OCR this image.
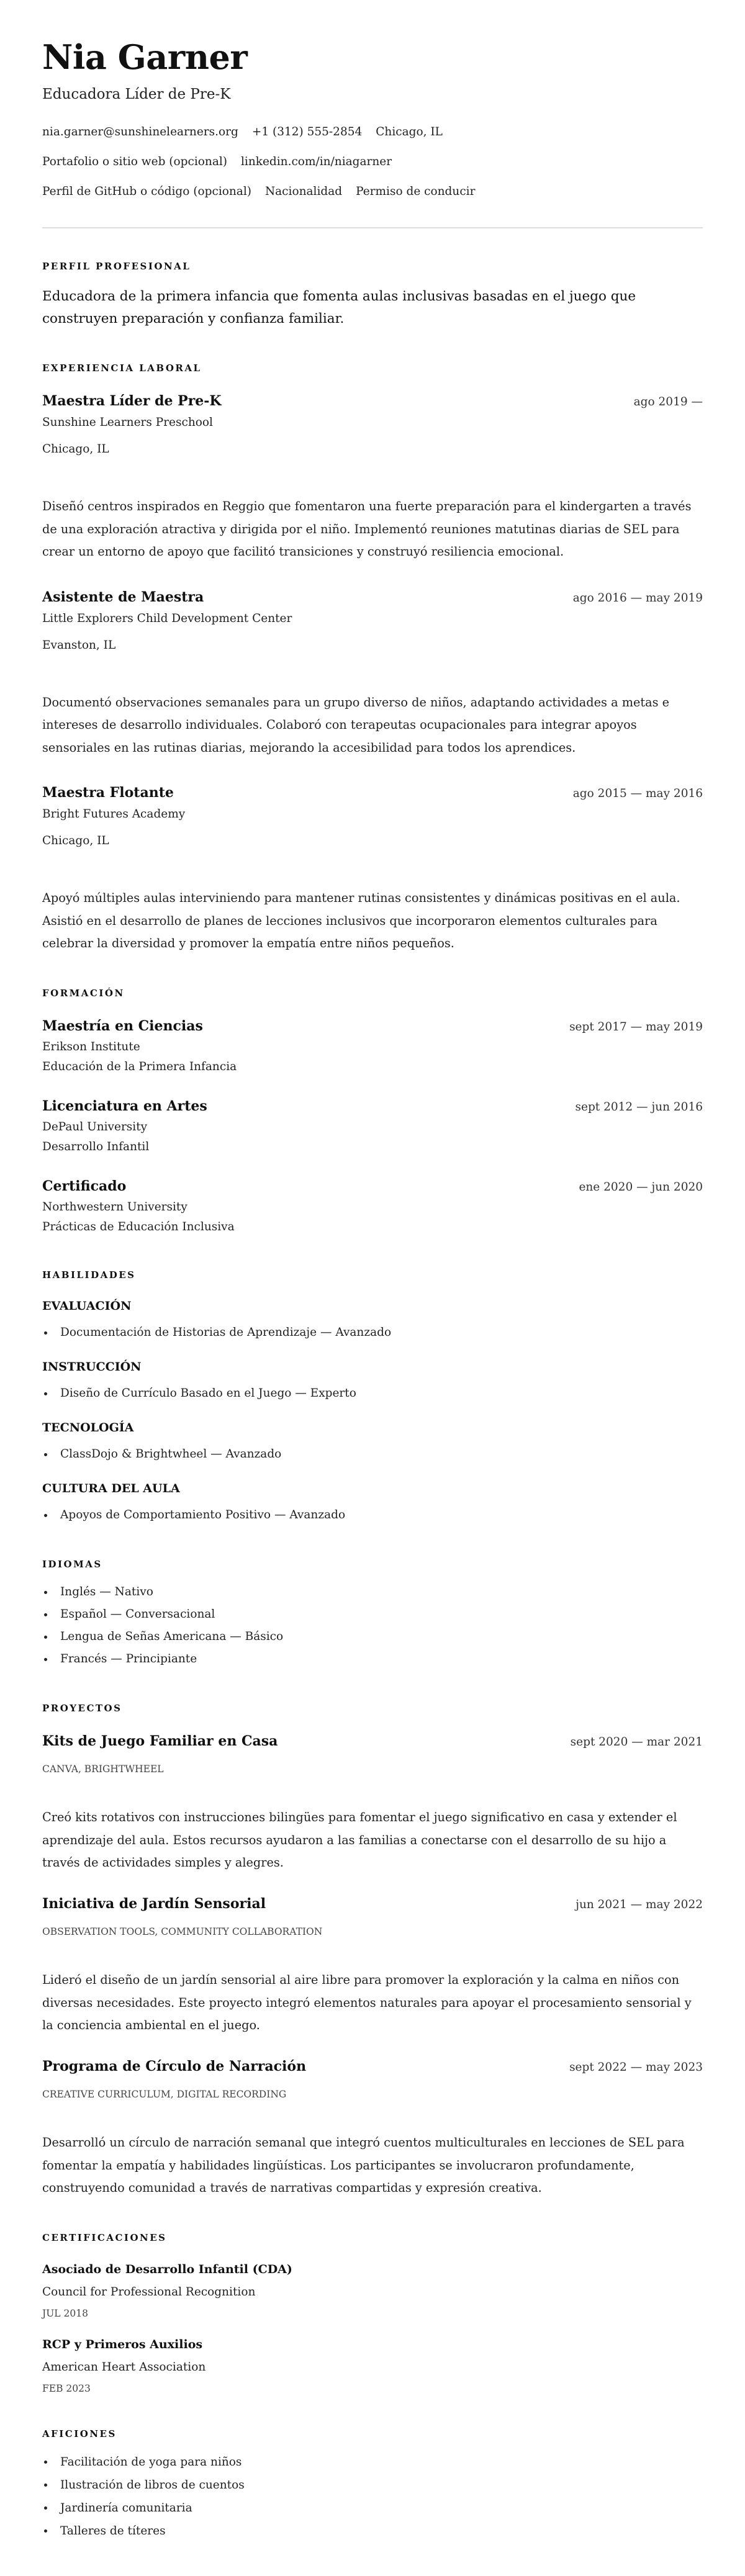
Nia Garner
Educadora Líder de Pre-K
nia.garner@sunshinelearners.org +1 (312) 555-2854 Chicago, IL
Portafolio o sitio web (opcional) linkedin.com/in/niagarner
Perfil de GitHub o código (opcional) Nacionalidad Permiso de conducir
PERFIL PROFESIONAL

Educadora de la primera infancia que fomenta aulas inclusivas basadas en el juego que construyen preparación y confianza familiar.

EXPERIENCIA LABORAL
Maestra Líder de Pre-K	ago 2019 —
Sunshine Learners Preschool
Chicago, IL
Diseñó centros inspirados en Reggio que fomentaron una fuerte preparación para el kindergarten a través de una exploración atractiva y dirigida por el niño. Implementó reuniones matutinas diarias de SEL para crear un entorno de apoyo que facilitó transiciones y construyó resiliencia emocional.
Asistente de Maestra	ago 2016 — may 2019
Little Explorers Child Development Center
Evanston, IL
Documentó observaciones semanales para un grupo diverso de niños, adaptando actividades a metas e intereses de desarrollo individuales. Colaboró con terapeutas ocupacionales para integrar apoyos sensoriales en las rutinas diarias, mejorando la accesibilidad para todos los aprendices.
Maestra Flotante	ago 2015 — may 2016
Bright Futures Academy
Chicago, IL
Apoyó múltiples aulas interviniendo para mantener rutinas consistentes y dinámicas positivas en el aula. Asistió en el desarrollo de planes de lecciones inclusivos que incorporaron elementos culturales para celebrar la diversidad y promover la empatía entre niños pequeños.
FORMACIÓN
Maestría en Ciencias	sept 2017 — may 2019
Erikson Institute
Educación de la Primera Infancia
Licenciatura en Artes	sept 2012 — jun 2016
DePaul University
Desarrollo Infantil
Certificado	ene 2020 — jun 2020
Northwestern University
Prácticas de Educación Inclusiva
HABILIDADES
EVALUACIÓN
Documentación de Historias de Aprendizaje — Avanzado
INSTRUCCIÓN
Diseño de Currículo Basado en el Juego — Experto
TECNOLOGÍA
ClassDojo & Brightwheel — Avanzado
CULTURA DEL AULA
Apoyos de Comportamiento Positivo — Avanzado
IDIOMAS
Inglés — Nativo
Español — Conversacional
Lengua de Señas Americana — Básico
Francés — Principiante
PROYECTOS
Kits de Juego Familiar en Casa	sept 2020 — mar 2021
CANVA, BRIGHTWHEEL
Creó kits rotativos con instrucciones bilingües para fomentar el juego significativo en casa y extender el aprendizaje del aula. Estos recursos ayudaron a las familias a conectarse con el desarrollo de su hijo a través de actividades simples y alegres.
Iniciativa de Jardín Sensorial	jun 2021 — may 2022
OBSERVATION TOOLS, COMMUNITY COLLABORATION
Lideró el diseño de un jardín sensorial al aire libre para promover la exploración y la calma en niños con diversas necesidades. Este proyecto integró elementos naturales para apoyar el procesamiento sensorial y la conciencia ambiental en el juego.
Programa de Círculo de Narración	sept 2022 — may 2023
CREATIVE CURRICULUM, DIGITAL RECORDING
Desarrolló un círculo de narración semanal que integró cuentos multiculturales en lecciones de SEL para fomentar la empatía y habilidades lingüísticas. Los participantes se involucraron profundamente, construyendo comunidad a través de narrativas compartidas y expresión creativa.
CERTIFICACIONES
Asociado de Desarrollo Infantil (CDA)
Council for Professional Recognition
JUL 2018
RCP y Primeros Auxilios
American Heart Association
FEB 2023
AFICIONES
Facilitación de yoga para niños
Ilustración de libros de cuentos
Jardinería comunitaria
Talleres de títeres
